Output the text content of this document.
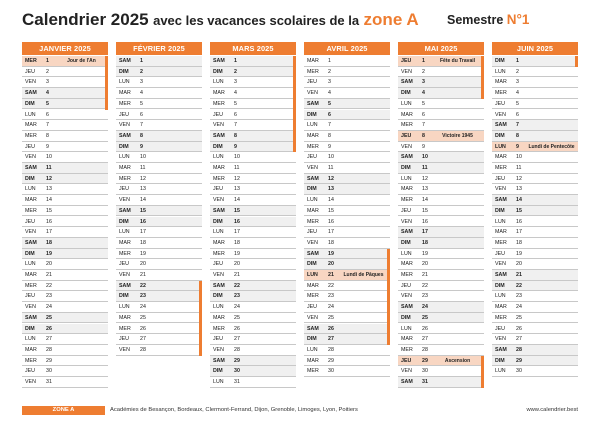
Calendrier 2025 avec les vacances scolaires de la zone A Semestre N°1
JANVIER 2025
MER 1	Jour de l'An
JEU 2
VEN 3
SAM 4
DIM 5
LUN 6
MAR 7
MER 8
JEU 9
VEN 10
SAM 11
DIM 12
LUN 13
MAR 14
MER 15
JEU 16
VEN 17
SAM 18
DIM 19
LUN 20
MAR 21
MER 22
JEU 23
VEN 24
SAM 25
DIM 26
LUN 27
MAR 28
MER 29
JEU 30
VEN 31
FÉVRIER 2025
SAM 1
DIM 2
LUN 3
MAR 4
MER 5
JEU 6
VEN 7
SAM 8
DIM 9
LUN 10
MAR 11
MER 12
JEU 13
VEN 14
SAM 15
DIM 16
LUN 17
MAR 18
MER 19
JEU 20
VEN 21
SAM 22
DIM 23
LUN 24
MAR 25
MER 26
JEU 27
VEN 28
MARS 2025
SAM 1
DIM 2
LUN 3
MAR 4
MER 5
JEU 6
VEN 7
SAM 8
DIM 9
LUN 10
MAR 11
MER 12
JEU 13
VEN 14
SAM 15
DIM 16
LUN 17
MAR 18
MER 19
JEU 20
VEN 21
SAM 22
DIM 23
LUN 24
MAR 25
MER 26
JEU 27
VEN 28
SAM 29
DIM 30
LUN 31
AVRIL 2025
MAR 1
MER 2
JEU 3
VEN 4
SAM 5
DIM 6
LUN 7
MAR 8
MER 9
JEU 10
VEN 11
SAM 12
DIM 13
LUN 14
MAR 15
MER 16
JEU 17
VEN 18
SAM 19
DIM 20
LUN 21	Lundi de Pâques
MAR 22
MER 23
JEU 24
VEN 25
SAM 26
DIM 27
LUN 28
MAR 29
MER 30
MAI 2025
JEU 1	Fête du Travail
VEN 2
SAM 3
DIM 4
LUN 5
MAR 6
MER 7
JEU 8	Victoire 1945
VEN 9
SAM 10
DIM 11
LUN 12
MAR 13
MER 14
JEU 15
VEN 16
SAM 17
DIM 18
LUN 19
MAR 20
MER 21
JEU 22
VEN 23
SAM 24
DIM 25
LUN 26
MAR 27
MER 28
JEU 29	Ascension
VEN 30
SAM 31
JUIN 2025
DIM 1
LUN 2
MAR 3
MER 4
JEU 5
VEN 6
SAM 7
DIM 8
LUN 9 Lundi de Pentecôte
MAR 10
MER 11
JEU 12
VEN 13
SAM 14
DIM 15
LUN 16
MAR 17
MER 18
JEU 19
VEN 20
SAM 21
DIM 22
LUN 23
MAR 24
MER 25
JEU 26
VEN 27
SAM 28
DIM 29
LUN 30
ZONE A	Académies de Besançon, Bordeaux, Clermont-Ferrand, Dijon, Grenoble, Limoges, Lyon, Poitiers	www.calendrier.best
